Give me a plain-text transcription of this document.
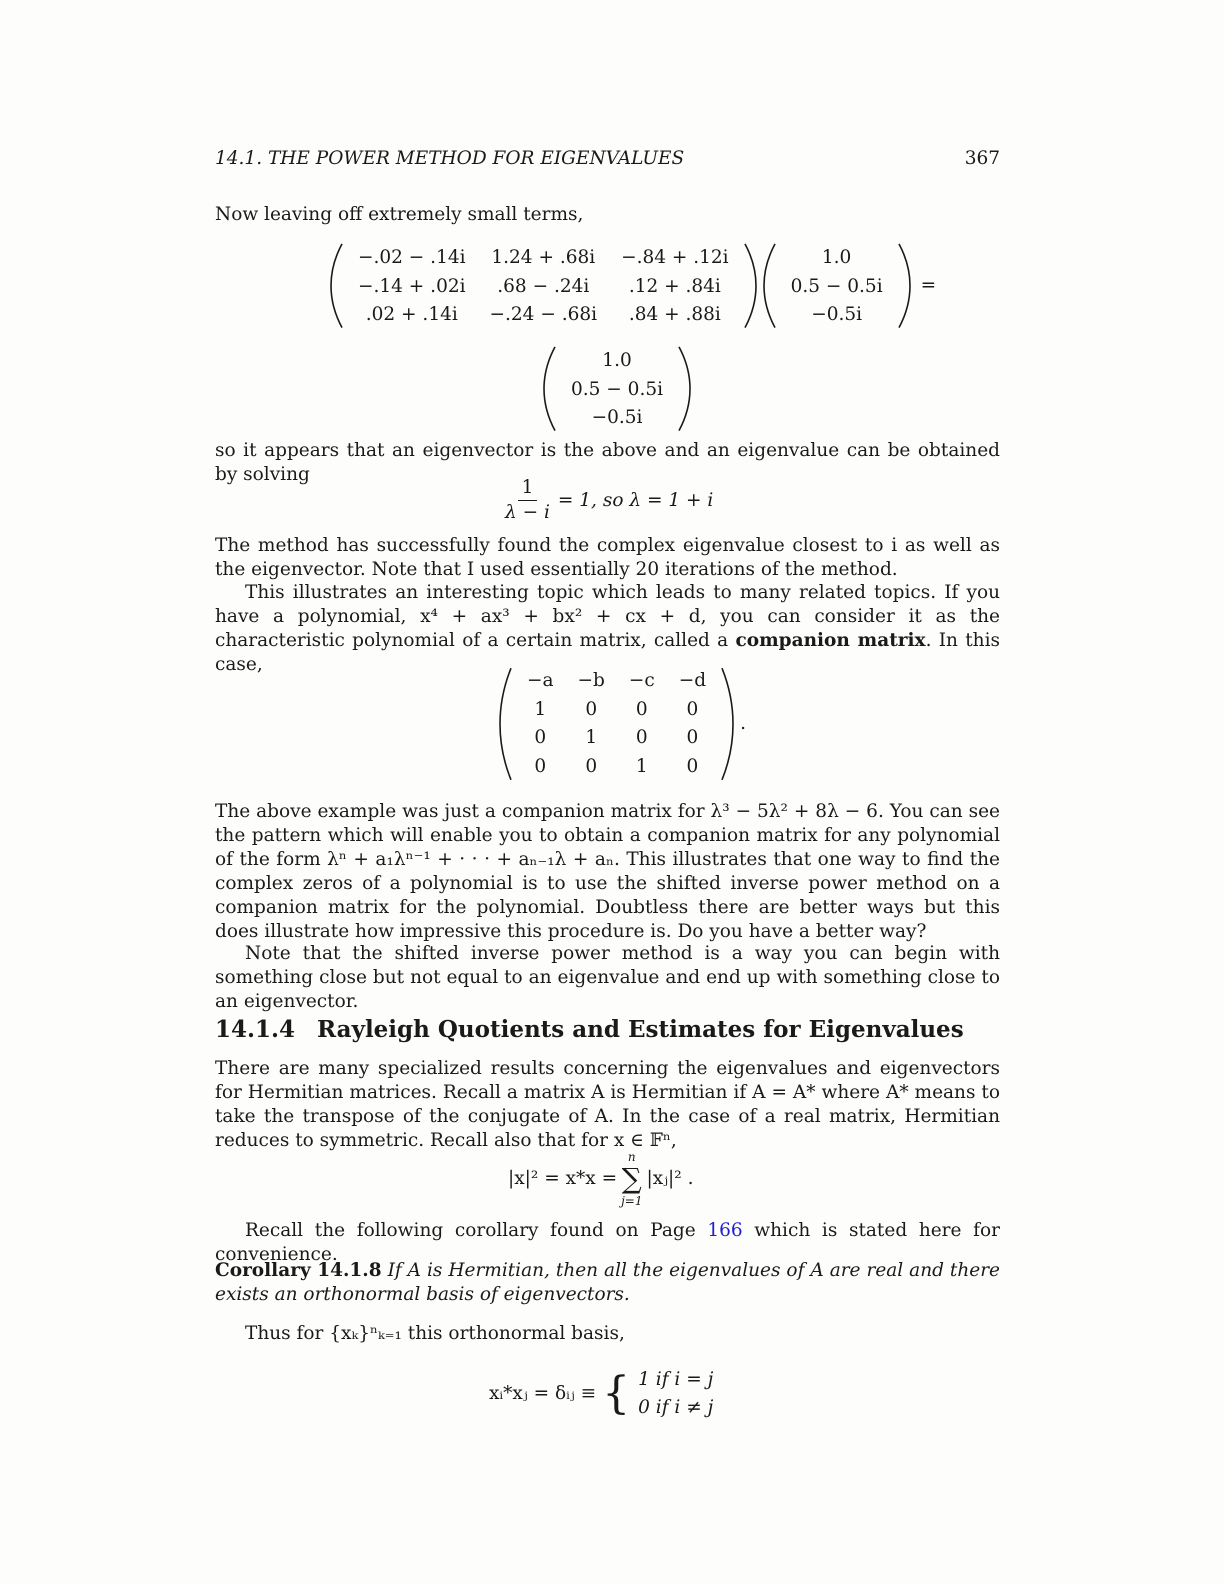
14.1. THE POWER METHOD FOR EIGENVALUES	367
Now leaving off extremely small terms,
−.02 − .14i	1.24 + .68i	−.84 + .12i
−.14 + .02i	.68 − .24i	.12 + .84i
.02 + .14i	−.24 − .68i	.84 + .88i
1.0
0.5 − 0.5i
−0.5i
=
1.0
0.5 − 0.5i
−0.5i
so it appears that an eigenvector is the above and an eigenvalue can be obtained by solving
$\frac{1}{\lambda - i} = 1$, so λ = 1 + i
The method has successfully found the complex eigenvalue closest to i as well as the eigenvector. Note that I used essentially 20 iterations of the method.
This illustrates an interesting topic which leads to many related topics. If you have a polynomial, x⁴ + ax³ + bx² + cx + d, you can consider it as the characteristic polynomial of a certain matrix, called a companion matrix. In this case,
−a	−b	−c	−d
1	0	0	0
0	1	0	0
0	0	1	0
.
The above example was just a companion matrix for λ³ − 5λ² + 8λ − 6. You can see the pattern which will enable you to obtain a companion matrix for any polynomial of the form λⁿ + a₁λⁿ⁻¹ + · · · + aₙ₋₁λ + aₙ. This illustrates that one way to find the complex zeros of a polynomial is to use the shifted inverse power method on a companion matrix for the polynomial. Doubtless there are better ways but this does illustrate how impressive this procedure is. Do you have a better way?
Note that the shifted inverse power method is a way you can begin with something close but not equal to an eigenvalue and end up with something close to an eigenvector.
14.1.4 Rayleigh Quotients and Estimates for Eigenvalues
There are many specialized results concerning the eigenvalues and eigenvectors for Hermitian matrices. Recall a matrix A is Hermitian if A = A* where A* means to take the transpose of the conjugate of A. In the case of a real matrix, Hermitian reduces to symmetric. Recall also that for x ∈ 𝔽ⁿ,
|x|² = x*x =
n
∑
j=1
|xⱼ|² .
Recall the following corollary found on Page 166 which is stated here for convenience.
Corollary 14.1.8 If A is Hermitian, then all the eigenvalues of A are real and there exists an orthonormal basis of eigenvectors.
Thus for {xₖ}ⁿₖ₌₁ this orthonormal basis,
xᵢ*xⱼ = δᵢⱼ ≡ { 1 if i = j
0 if i ≠ j
